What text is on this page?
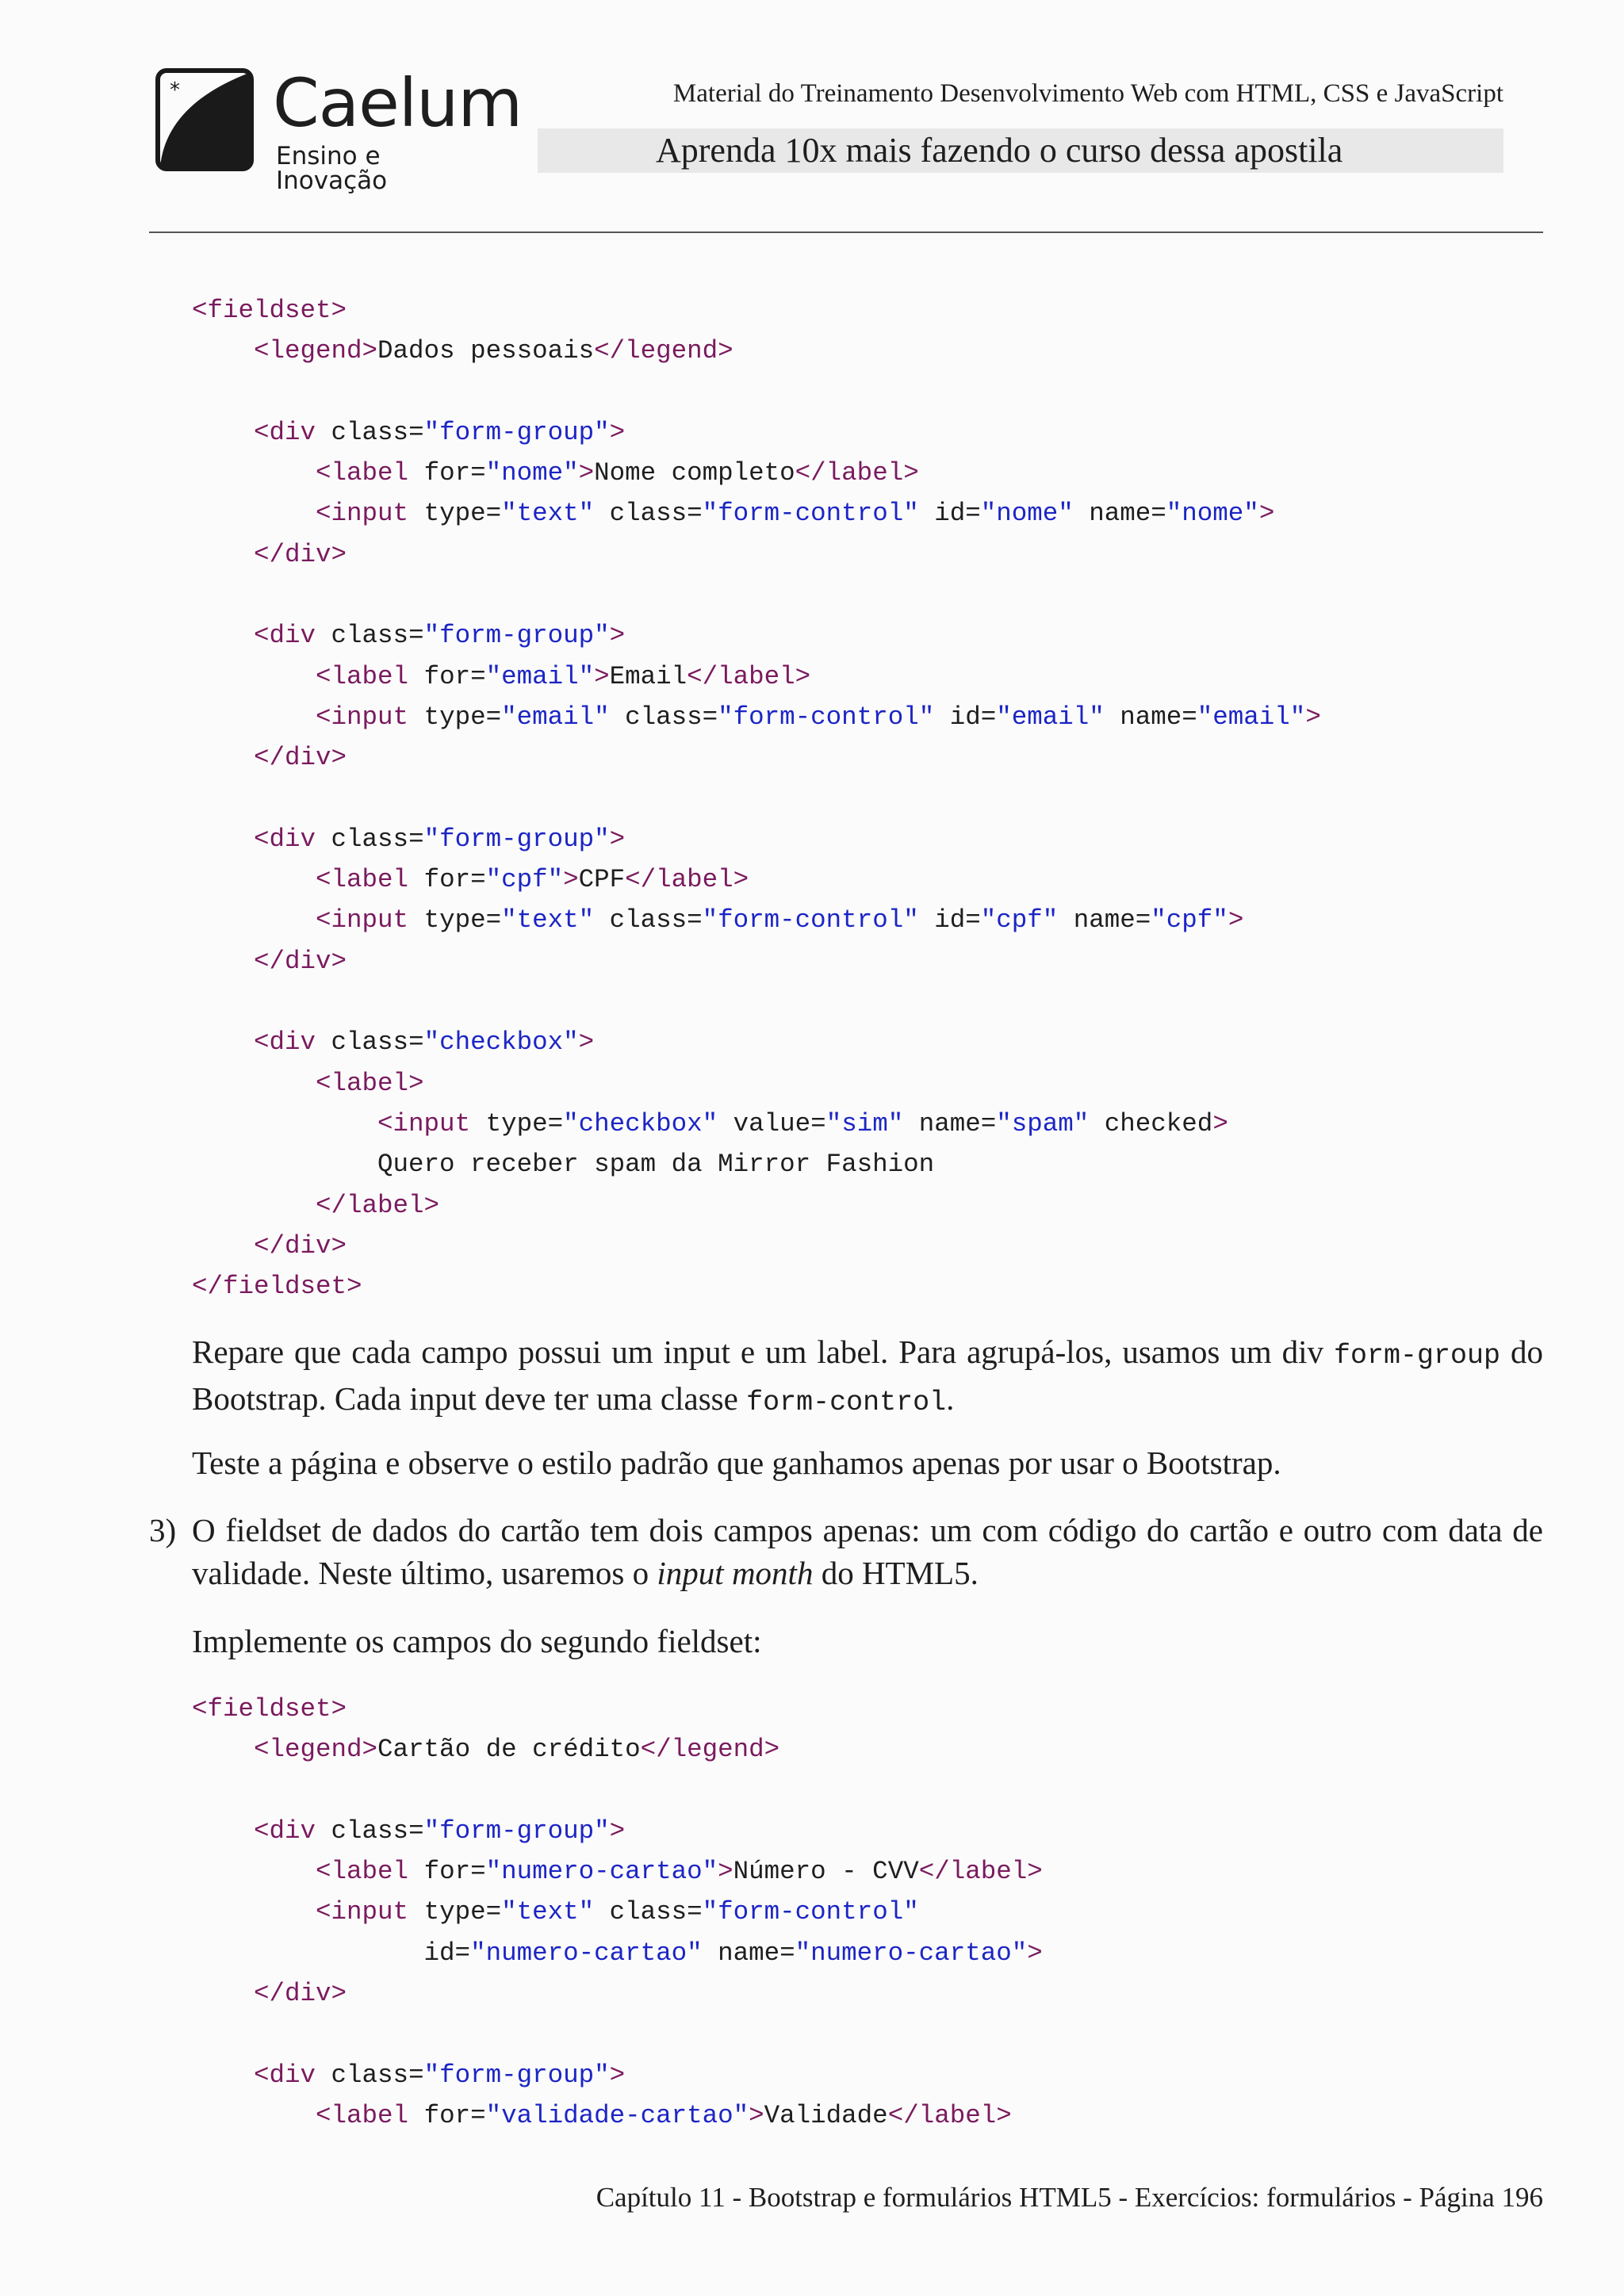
* Caelum
Ensino e Inovação
Material do Treinamento Desenvolvimento Web com HTML, CSS e JavaScript
Aprenda 10x mais fazendo o curso dessa apostila
<fieldset>
<legend>Dados pessoais</legend>

<div class="form-group">
<label for="nome">Nome completo</label>
<input type="text" class="form-control" id="nome" name="nome">
</div>

<div class="form-group">
<label for="email">Email</label>
<input type="email" class="form-control" id="email" name="email">
</div>

<div class="form-group">
<label for="cpf">CPF</label>
<input type="text" class="form-control" id="cpf" name="cpf">
</div>

<div class="checkbox">
<label>
<input type="checkbox" value="sim" name="spam" checked>
Quero receber spam da Mirror Fashion
</label>
</div>
</fieldset>

Repare que cada campo possui um input e um label. Para agrupá-los, usamos um div form-group do Bootstrap. Cada input deve ter uma classe form-control.

Teste a página e observe o estilo padrão que ganhamos apenas por usar o Bootstrap.

3) O fieldset de dados do cartão tem dois campos apenas: um com código do cartão e outro com data de validade. Neste último, usaremos o input month do HTML5.

Implemente os campos do segundo fieldset:

<fieldset>
<legend>Cartão de crédito</legend>

<div class="form-group">
<label for="numero-cartao">Número - CVV</label>
<input type="text" class="form-control"
id="numero-cartao" name="numero-cartao">
</div>

<div class="form-group">
<label for="validade-cartao">Validade</label>

Capítulo 11 - Bootstrap e formulários HTML5 - Exercícios: formulários - Página 196
